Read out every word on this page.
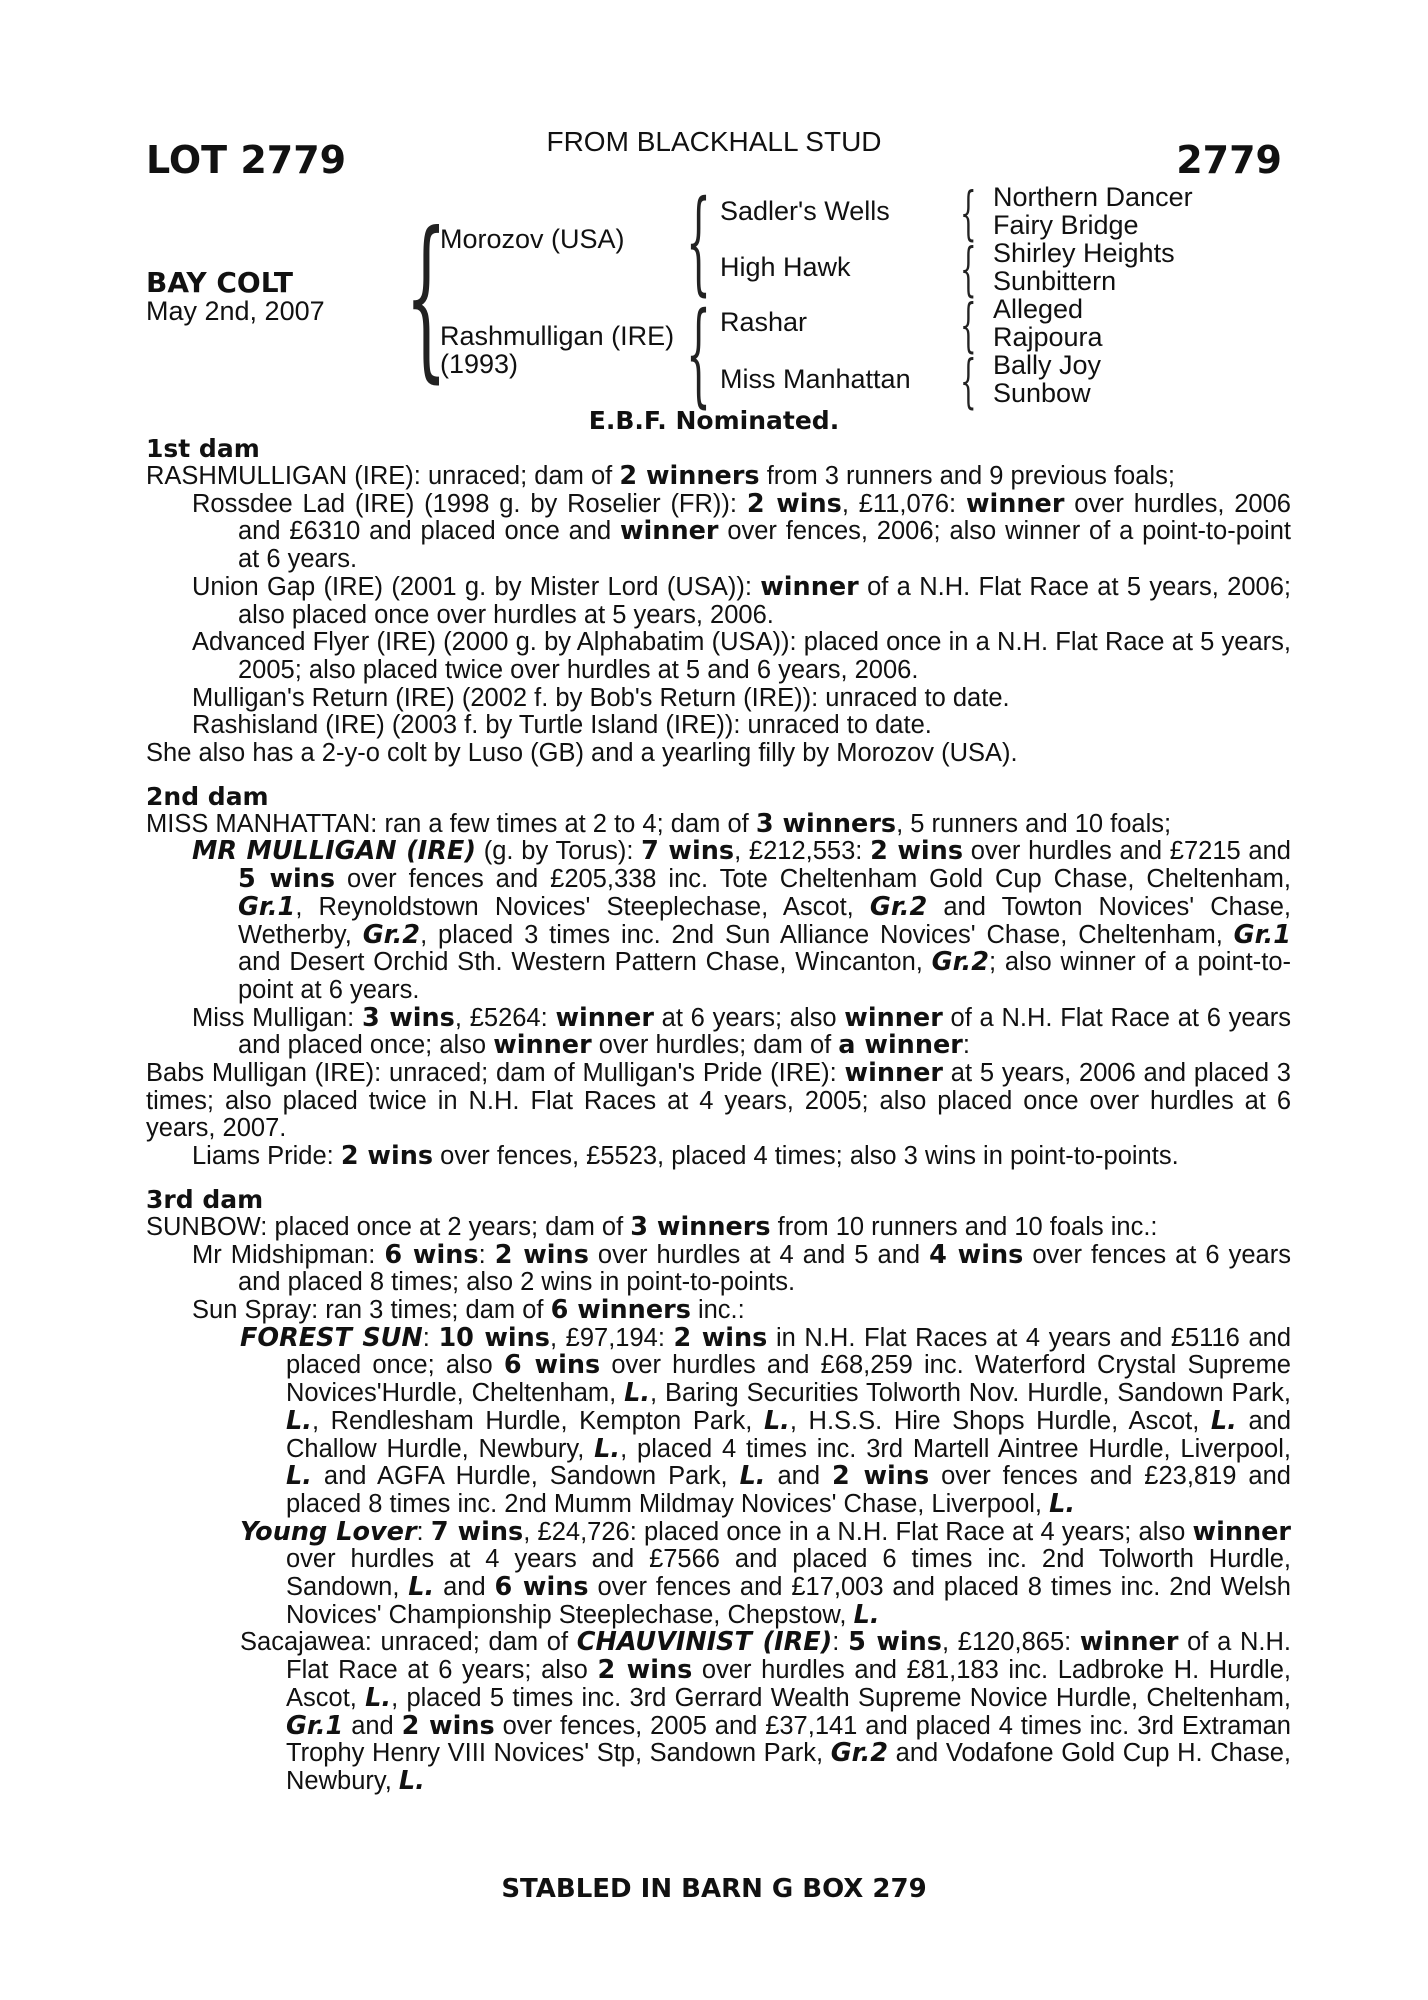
LOT 2779	FROM BLACKHALL STUD	2779
BAY COLT
May 2nd, 2007 { {
{
{
{
{
{
Morozov (USA)
Rashmulligan (IRE)
(1993)
Sadler's Wells
High Hawk
Rashar
Miss Manhattan
Northern Dancer
Fairy Bridge
Shirley Heights
Sunbittern
Alleged
Rajpoura
Bally Joy
Sunbow
E.B.F. Nominated.
1st dam
RASHMULLIGAN (IRE): unraced; dam of 2 winners from 3 runners and 9 previous foals;
Rossdee Lad (IRE) (1998 g. by Roselier (FR)): 2 wins, £11,076: winner over hurdles, 2006 and £6310 and placed once and winner over fences, 2006; also winner of a point-to-point at 6 years.
Union Gap (IRE) (2001 g. by Mister Lord (USA)): winner of a N.H. Flat Race at 5 years, 2006; also placed once over hurdles at 5 years, 2006.
Advanced Flyer (IRE) (2000 g. by Alphabatim (USA)): placed once in a N.H. Flat Race at 5 years, 2005; also placed twice over hurdles at 5 and 6 years, 2006.
Mulligan's Return (IRE) (2002 f. by Bob's Return (IRE)): unraced to date.
Rashisland (IRE) (2003 f. by Turtle Island (IRE)): unraced to date.
She also has a 2-y-o colt by Luso (GB) and a yearling filly by Morozov (USA).
2nd dam
MISS MANHATTAN: ran a few times at 2 to 4; dam of 3 winners, 5 runners and 10 foals;
MR MULLIGAN (IRE) (g. by Torus): 7 wins, £212,553: 2 wins over hurdles and £7215 and 5 wins over fences and £205,338 inc. Tote Cheltenham Gold Cup Chase, Cheltenham, Gr.1, Reynoldstown Novices' Steeplechase, Ascot, Gr.2 and Towton Novices' Chase, Wetherby, Gr.2, placed 3 times inc. 2nd Sun Alliance Novices' Chase, Cheltenham, Gr.1 and Desert Orchid Sth. Western Pattern Chase, Wincanton, Gr.2; also winner of a point-to-point at 6 years.
Miss Mulligan: 3 wins, £5264: winner at 6 years; also winner of a N.H. Flat Race at 6 years and placed once; also winner over hurdles; dam of a winner:
Babs Mulligan (IRE): unraced; dam of Mulligan's Pride (IRE): winner at 5 years, 2006 and placed 3 times; also placed twice in N.H. Flat Races at 4 years, 2005; also placed once over hurdles at 6 years, 2007.
Liams Pride: 2 wins over fences, £5523, placed 4 times; also 3 wins in point-to-points.
3rd dam
SUNBOW: placed once at 2 years; dam of 3 winners from 10 runners and 10 foals inc.:
Mr Midshipman: 6 wins: 2 wins over hurdles at 4 and 5 and 4 wins over fences at 6 years and placed 8 times; also 2 wins in point-to-points.
Sun Spray: ran 3 times; dam of 6 winners inc.:
FOREST SUN: 10 wins, £97,194: 2 wins in N.H. Flat Races at 4 years and £5116 and placed once; also 6 wins over hurdles and £68,259 inc. Waterford Crystal Supreme Novices'Hurdle, Cheltenham, L., Baring Securities Tolworth Nov. Hurdle, Sandown Park, L., Rendlesham Hurdle, Kempton Park, L., H.S.S. Hire Shops Hurdle, Ascot, L. and Challow Hurdle, Newbury, L., placed 4 times inc. 3rd Martell Aintree Hurdle, Liverpool, L. and AGFA Hurdle, Sandown Park, L. and 2 wins over fences and £23,819 and placed 8 times inc. 2nd Mumm Mildmay Novices' Chase, Liverpool, L.
Young Lover: 7 wins, £24,726: placed once in a N.H. Flat Race at 4 years; also winner over hurdles at 4 years and £7566 and placed 6 times inc. 2nd Tolworth Hurdle, Sandown, L. and 6 wins over fences and £17,003 and placed 8 times inc. 2nd Welsh Novices' Championship Steeplechase, Chepstow, L.
Sacajawea: unraced; dam of CHAUVINIST (IRE): 5 wins, £120,865: winner of a N.H. Flat Race at 6 years; also 2 wins over hurdles and £81,183 inc. Ladbroke H. Hurdle, Ascot, L., placed 5 times inc. 3rd Gerrard Wealth Supreme Novice Hurdle, Cheltenham, Gr.1 and 2 wins over fences, 2005 and £37,141 and placed 4 times inc. 3rd Extraman Trophy Henry VIII Novices' Stp, Sandown Park, Gr.2 and Vodafone Gold Cup H. Chase, Newbury, L.
STABLED IN BARN G BOX 279
